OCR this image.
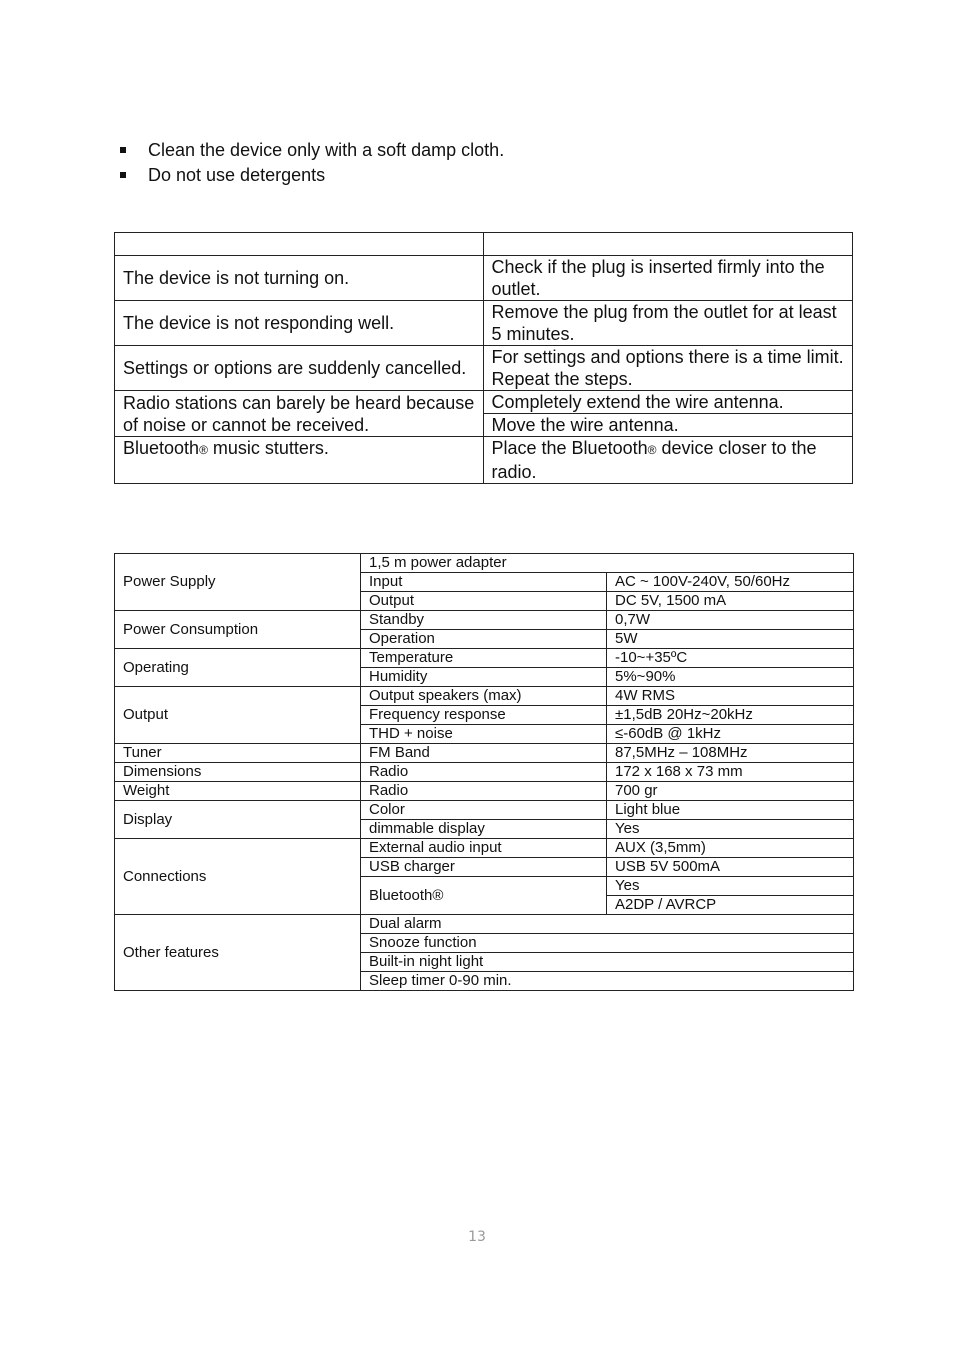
Clean the device only with a soft damp cloth.
Do not use detergents

The device is not turning on.	Check if the plug is inserted firmly into the outlet.
The device is not responding well.	Remove the plug from the outlet for at least 5 minutes.
Settings or options are suddenly cancelled.	For settings and options there is a time limit. Repeat the steps.
Radio stations can barely be heard because of noise or cannot be received.	Completely extend the wire antenna.
	Move the wire antenna.
Bluetooth® music stutters.	Place the Bluetooth® device closer to the radio.
Power Supply	1,5 m power adapter	
	Input	AC ~ 100V-240V, 50/60Hz
	Output	DC 5V, 1500 mA
Power Consumption	Standby	0,7W
	Operation	5W
Operating	Temperature	-10~+35ºC
	Humidity	5%~90%
Output	Output speakers (max)	4W RMS
	Frequency response	±1,5dB 20Hz~20kHz
	THD + noise	≤-60dB @ 1kHz
Tuner	FM Band	87,5MHz – 108MHz
Dimensions	Radio	172 x 168 x 73 mm
Weight	Radio	700 gr
Display	Color	Light blue
	dimmable display	Yes
Connections	External audio input	AUX (3,5mm)
	USB charger	USB 5V 500mA
	Bluetooth®	Yes
		A2DP / AVRCP
Other features	Dual alarm	
	Snooze function	
	Built-in night light	
	Sleep timer 0-90 min.	
13
